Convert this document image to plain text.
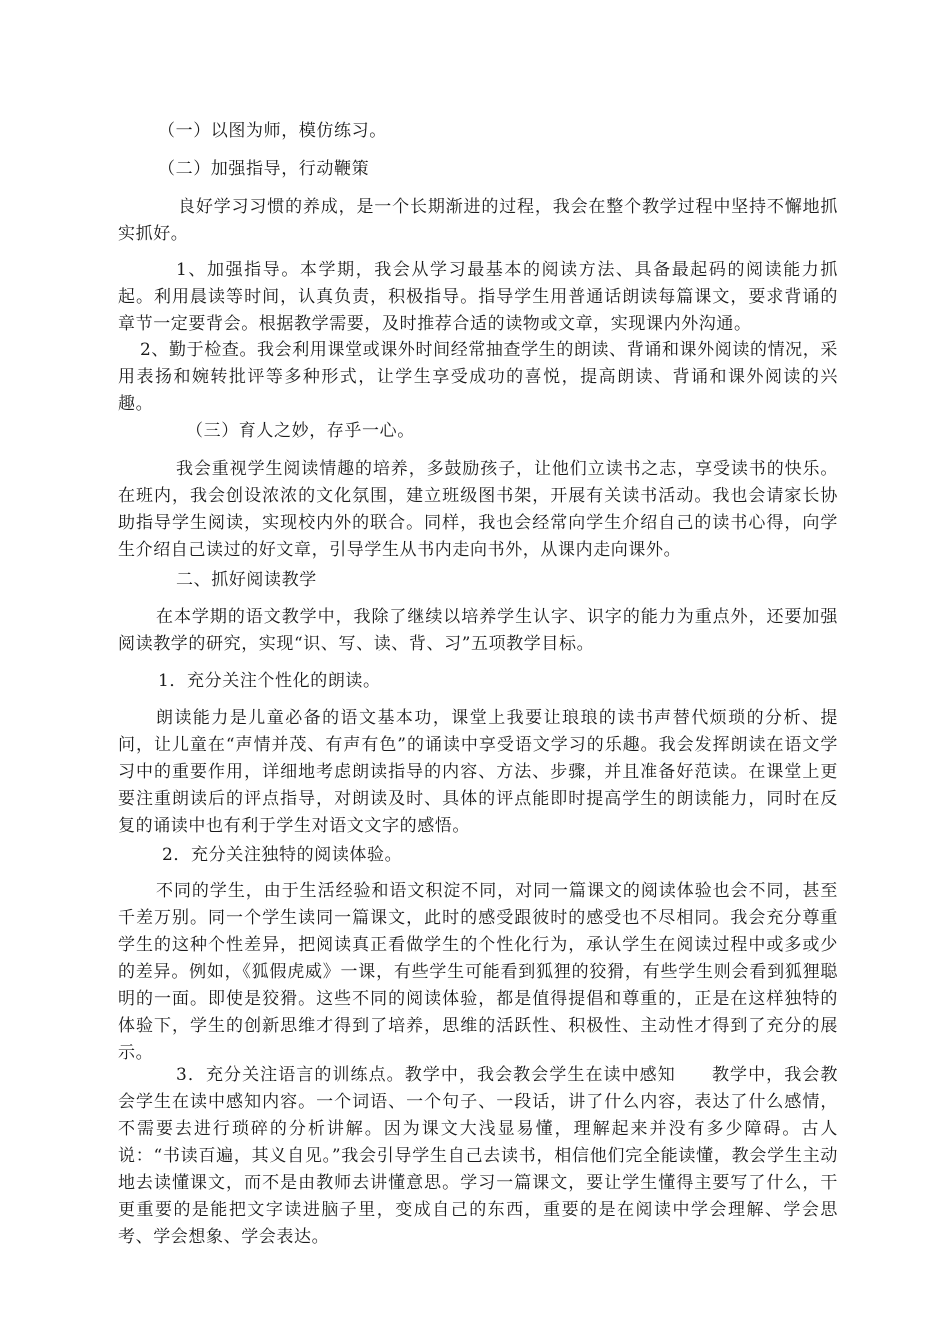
（一）以图为师，模仿练习。

（二）加强指导，行动鞭策

良好学习习惯的养成，是一个长期渐进的过程，我会在整个教学过程中坚持不懈地抓实抓好。

1、加强指导。本学期，我会从学习最基本的阅读方法、具备最起码的阅读能力抓起。利用晨读等时间，认真负责，积极指导。指导学生用普通话朗读每篇课文，要求背诵的章节一定要背会。根据教学需要，及时推荐合适的读物或文章，实现课内外沟通。

2、勤于检查。我会利用课堂或课外时间经常抽查学生的朗读、背诵和课外阅读的情况，采用表扬和婉转批评等多种形式，让学生享受成功的喜悦，提高朗读、背诵和课外阅读的兴趣。

（三）育人之妙，存乎一心。

我会重视学生阅读情趣的培养，多鼓励孩子，让他们立读书之志，享受读书的快乐。在班内，我会创设浓浓的文化氛围，建立班级图书架，开展有关读书活动。我也会请家长协助指导学生阅读，实现校内外的联合。同样，我也会经常向学生介绍自己的读书心得，向学生介绍自己读过的好文章，引导学生从书内走向书外，从课内走向课外。

二、抓好阅读教学

在本学期的语文教学中，我除了继续以培养学生认字、识字的能力为重点外，还要加强阅读教学的研究，实现“识、写、读、背、习”五项教学目标。

1．充分关注个性化的朗读。

朗读能力是儿童必备的语文基本功，课堂上我要让琅琅的读书声替代烦琐的分析、提问，让儿童在“声情并茂、有声有色”的诵读中享受语文学习的乐趣。我会发挥朗读在语文学习中的重要作用，详细地考虑朗读指导的内容、方法、步骤，并且准备好范读。在课堂上更要注重朗读后的评点指导，对朗读及时、具体的评点能即时提高学生的朗读能力，同时在反复的诵读中也有利于学生对语文文字的感悟。

2．充分关注独特的阅读体验。

不同的学生，由于生活经验和语文积淀不同，对同一篇课文的阅读体验也会不同，甚至千差万别。同一个学生读同一篇课文，此时的感受跟彼时的感受也不尽相同。我会充分尊重学生的这种个性差异，把阅读真正看做学生的个性化行为，承认学生在阅读过程中或多或少的差异。例如，《狐假虎威》一课，有些学生可能看到狐狸的狡猾，有些学生则会看到狐狸聪明的一面。即使是狡猾。这些不同的阅读体验，都是值得提倡和尊重的，正是在这样独特的体验下，学生的创新思维才得到了培养，思维的活跃性、积极性、主动性才得到了充分的展示。

3．充分关注语言的训练点。教学中，我会教会学生在读中感知　　教学中，我会教会学生在读中感知内容。一个词语、一个句子、一段话，讲了什么内容，表达了什么感情，不需要去进行琐碎的分析讲解。因为课文大浅显易懂，理解起来并没有多少障碍。古人说：“书读百遍，其义自见。”我会引导学生自己去读书，相信他们完全能读懂，教会学生主动地去读懂课文，而不是由教师去讲懂意思。学习一篇课文，要让学生懂得主要写了什么，干更重要的是能把文字读进脑子里，变成自己的东西，重要的是在阅读中学会理解、学会思考、学会想象、学会表达。
